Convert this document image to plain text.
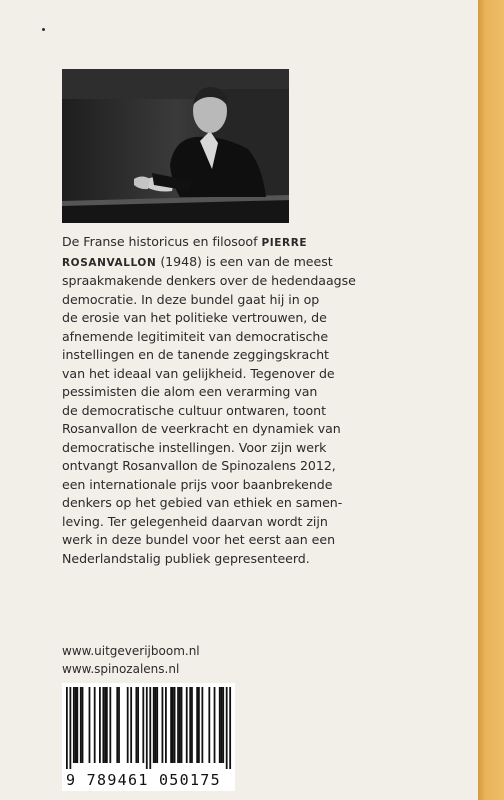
De Franse historicus en filosoof PIERRE
ROSANVALLON (1948) is een van de meest
spraakmakende denkers over de hedendaagse
democratie. In deze bundel gaat hij in op
de erosie van het politieke vertrouwen, de
afnemende legitimiteit van democratische
instellingen en de tanende zeggingskracht
van het ideaal van gelijkheid. Tegenover de
pessimisten die alom een verarming van
de democratische cultuur ontwaren, toont
Rosanvallon de veerkracht en dynamiek van
democratische instellingen. Voor zijn werk
ontvangt Rosanvallon de Spinozalens 2012,
een internationale prijs voor baanbrekende
denkers op het gebied van ethiek en samen-
leving. Ter gelegenheid daarvan wordt zijn
werk in deze bundel voor het eerst aan een
Nederlandstalig publiek gepresenteerd.
www.uitgeverijboom.nl
www.spinozalens.nl
9 789461 050175
